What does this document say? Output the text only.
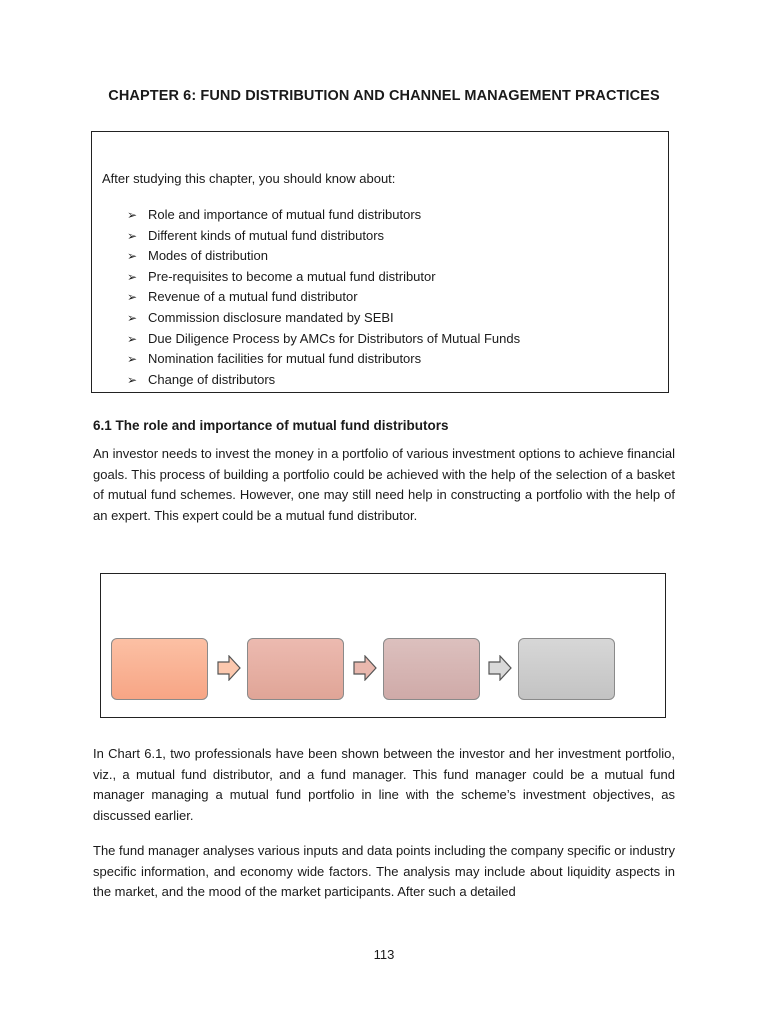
CHAPTER 6: FUND DISTRIBUTION AND CHANNEL MANAGEMENT PRACTICES
After studying this chapter, you should know about:
➢ Role and importance of mutual fund distributors
➢ Different kinds of mutual fund distributors
➢ Modes of distribution
➢ Pre-requisites to become a mutual fund distributor
➢ Revenue of a mutual fund distributor
➢ Commission disclosure mandated by SEBI
➢ Due Diligence Process by AMCs for Distributors of Mutual Funds
➢ Nomination facilities for mutual fund distributors
➢ Change of distributors
6.1 The role and importance of mutual fund distributors

An investor needs to invest the money in a portfolio of various investment options to achieve financial goals. This process of building a portfolio could be achieved with the help of the selection of a basket of mutual fund schemes. However, one may still need help in constructing a portfolio with the help of an expert. This expert could be a mutual fund distributor.

In Chart 6.1, two professionals have been shown between the investor and her investment portfolio, viz., a mutual fund distributor, and a fund manager. This fund manager could be a mutual fund manager managing a mutual fund portfolio in line with the scheme’s investment objectives, as discussed earlier.

The fund manager analyses various inputs and data points including the company specific or industry specific information, and economy wide factors. The analysis may include about liquidity aspects in the market, and the mood of the market participants. After such a detailed

113
